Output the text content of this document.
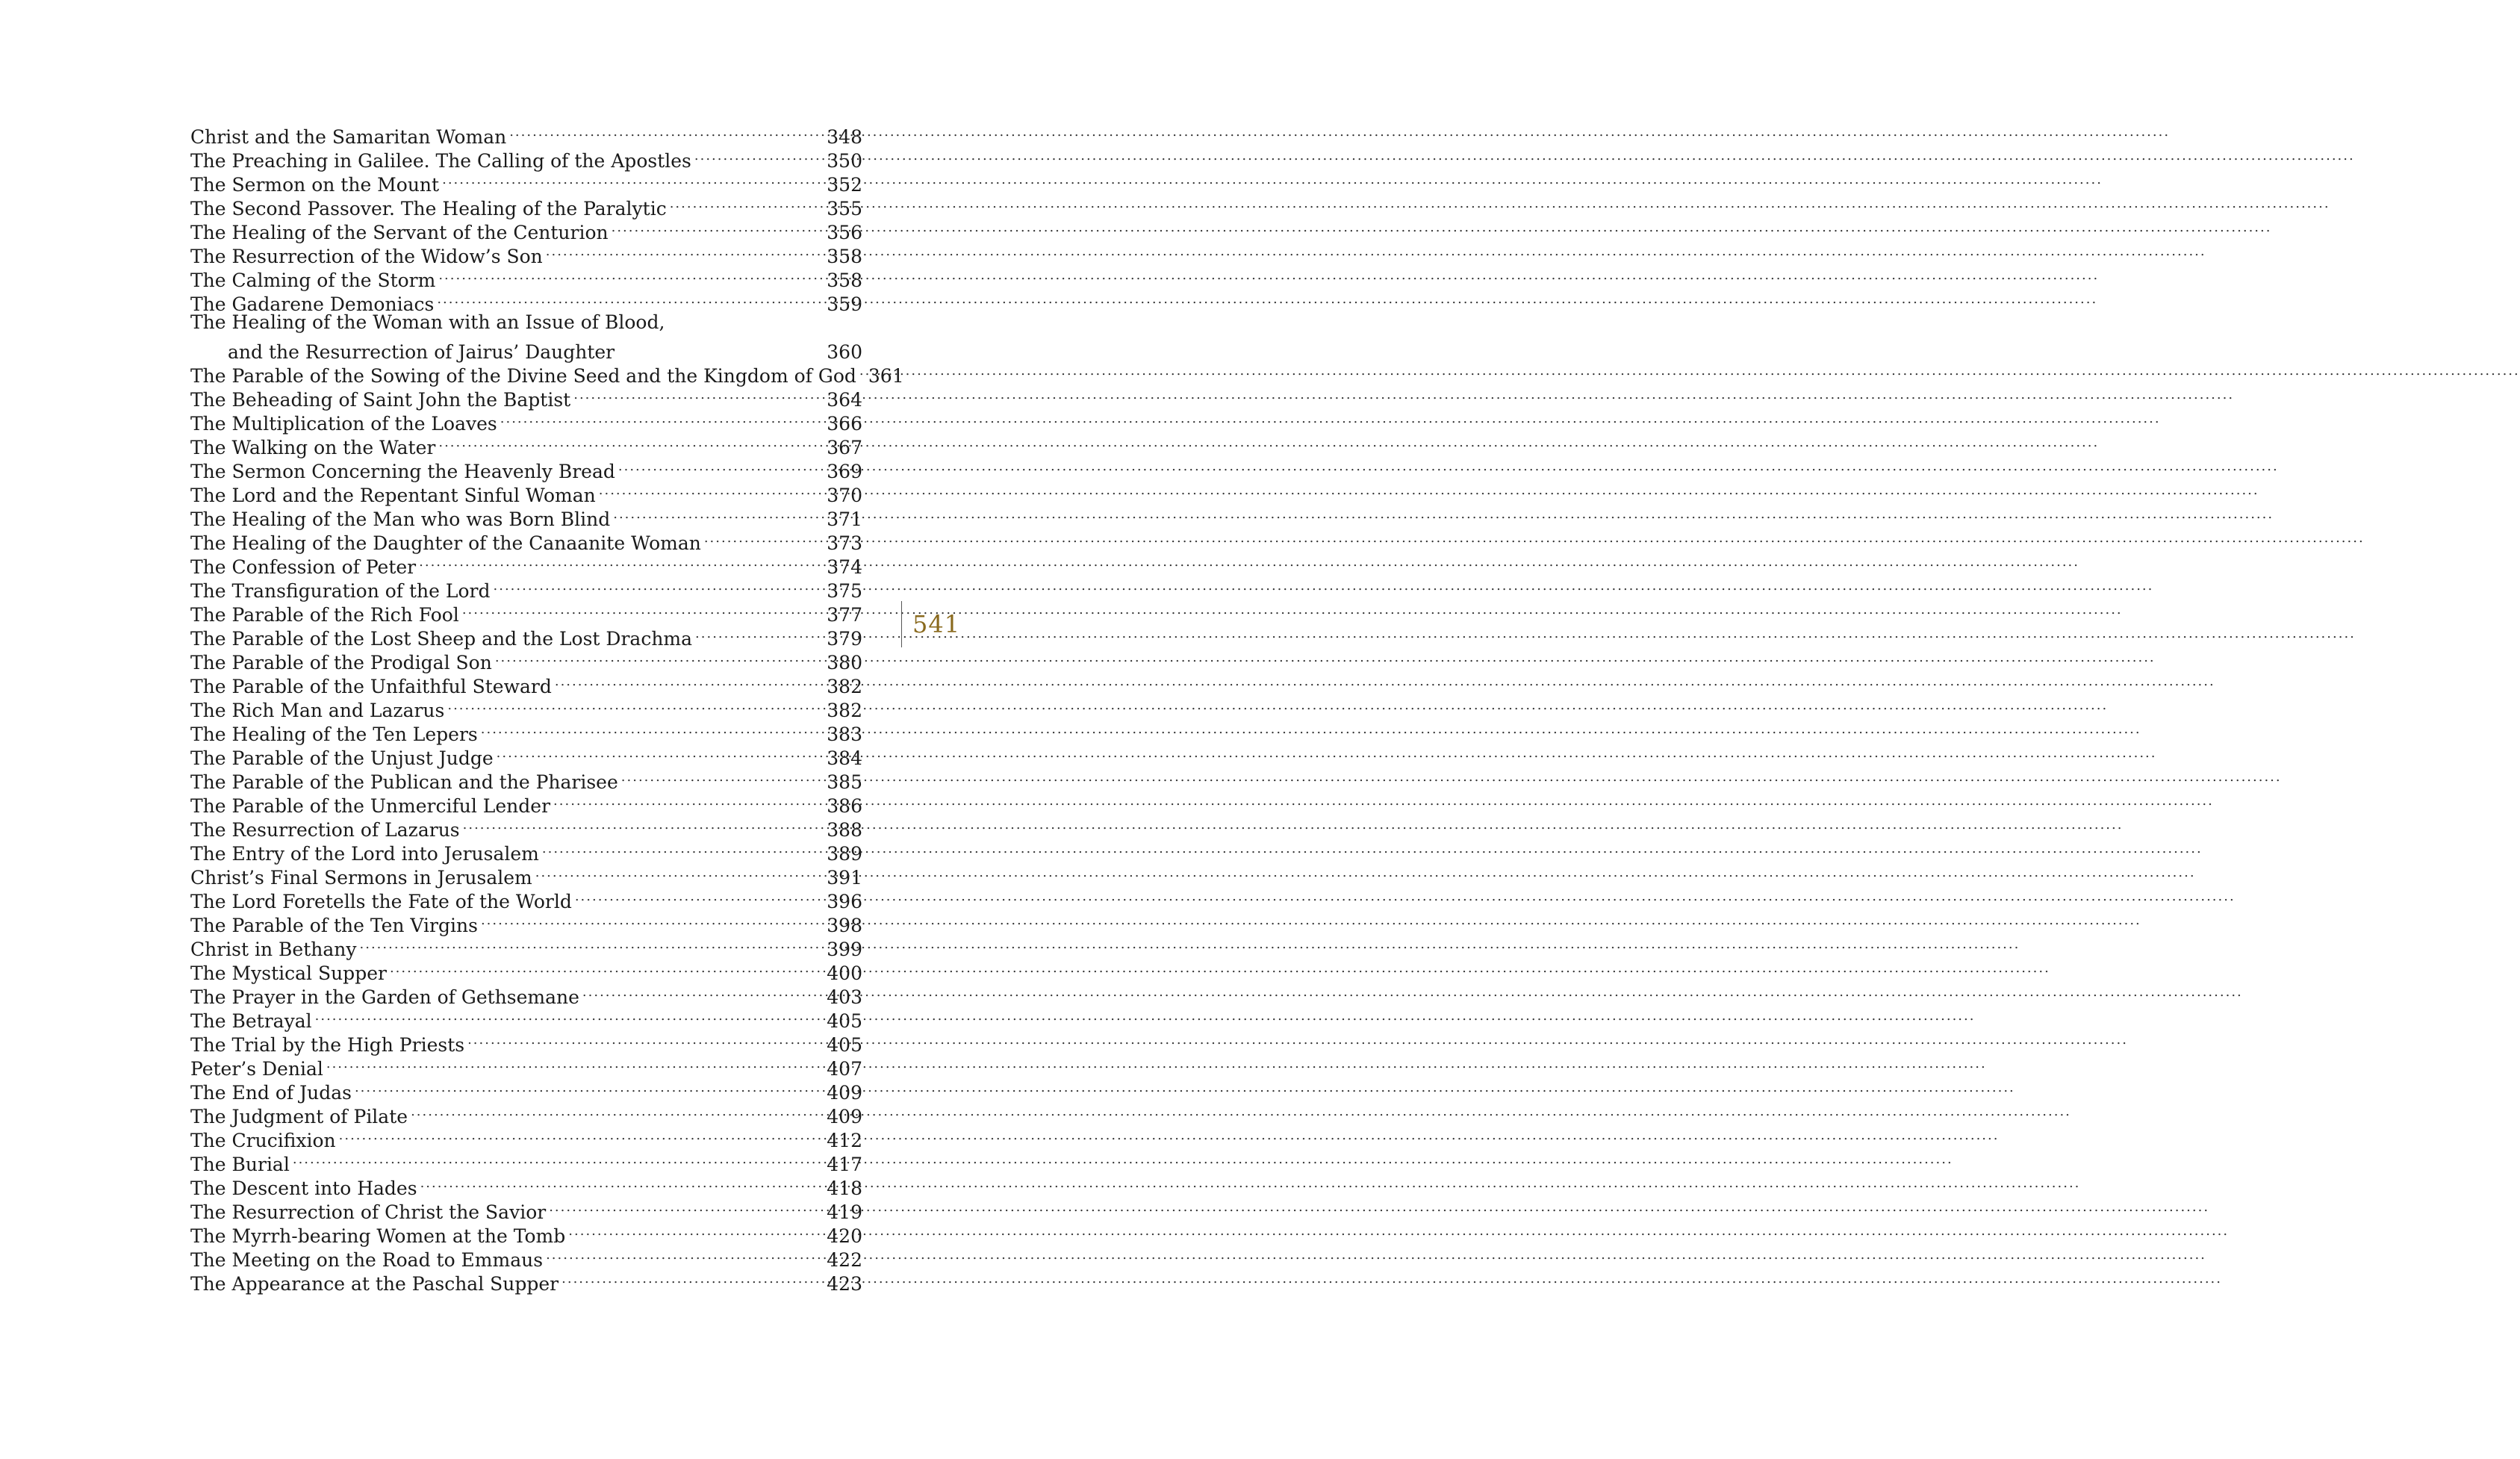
Christ and the Samaritan Woman .....	348
The Preaching in Galilee. The Calling of the Apostles .....	350
The Sermon on the Mount .....	352
The Second Passover. The Healing of the Paralytic .....	355
The Healing of the Servant of the Centurion .....	356
The Resurrection of the Widow’s Son .....	358
The Calming of the Storm .....	358
The Gadarene Demoniacs .....	359
The Healing of the Woman with an Issue of Blood,
and the Resurrection of Jairus’ Daughter	360
The Parable of the Sowing of the Divine Seed and the Kingdom of God ..... 361
The Beheading of Saint John the Baptist .....	364
The Multiplication of the Loaves .....	366
The Walking on the Water .....	367
The Sermon Concerning the Heavenly Bread .....	369
The Lord and the Repentant Sinful Woman .....	370
The Healing of the Man who was Born Blind .....	371
The Healing of the Daughter of the Canaanite Woman .....	373
The Confession of Peter .....	374
The Transfiguration of the Lord .....	375
The Parable of the Rich Fool .....	377
The Parable of the Lost Sheep and the Lost Drachma .....	379
The Parable of the Prodigal Son .....	380
The Parable of the Unfaithful Steward .....	382
The Rich Man and Lazarus .....	382
The Healing of the Ten Lepers .....	383
The Parable of the Unjust Judge .....	384
The Parable of the Publican and the Pharisee .....	385
The Parable of the Unmerciful Lender .....	386
The Resurrection of Lazarus .....	388
The Entry of the Lord into Jerusalem .....	389
Christ’s Final Sermons in Jerusalem .....	391
The Lord Foretells the Fate of the World .....	396
The Parable of the Ten Virgins .....	398
Christ in Bethany .....	399
The Mystical Supper .....	400
The Prayer in the Garden of Gethsemane .....	403
The Betrayal .....	405
The Trial by the High Priests .....	405
Peter’s Denial .....	407
The End of Judas .....	409
The Judgment of Pilate .....	409
The Crucifixion .....	412
The Burial .....	417
The Descent into Hades .....	418
The Resurrection of Christ the Savior .....	419
The Myrrh-bearing Women at the Tomb .....	420
The Meeting on the Road to Emmaus .....	422
The Appearance at the Paschal Supper .....	423
541
